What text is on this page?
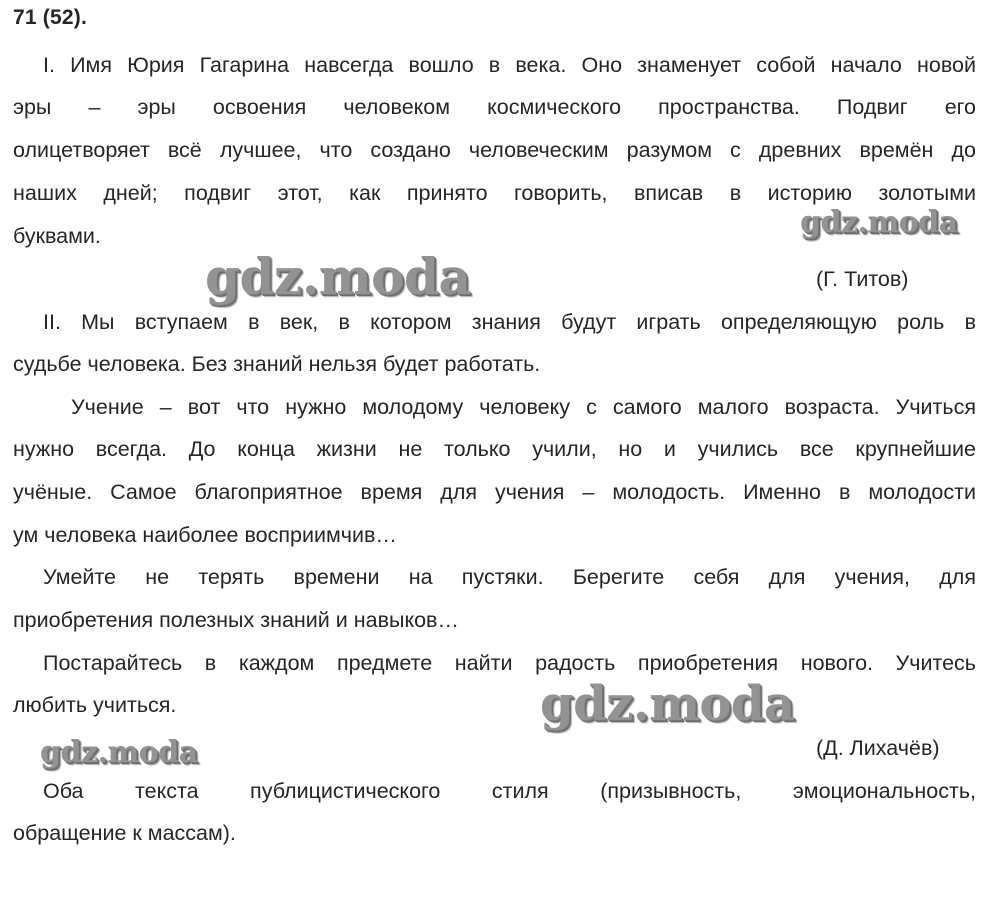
71 (52).
I. Имя Юрия Гагарина навсегда вошло в века. Оно знаменует собой начало новой
эры – эры освоения человеком космического пространства. Подвиг его
олицетворяет всё лучшее, что создано человеческим разумом с древних времён до
наших дней; подвиг этот, как принято говорить, вписав в историю золотыми
буквами.
(Г. Титов)
II. Мы вступаем в век, в котором знания будут играть определяющую роль в
судьбе человека. Без знаний нельзя будет работать.
Учение – вот что нужно молодому человеку с самого малого возраста. Учиться
нужно всегда. До конца жизни не только учили, но и учились все крупнейшие
учёные. Самое благоприятное время для учения – молодость. Именно в молодости
ум человека наиболее восприимчив…
Умейте не терять времени на пустяки. Берегите себя для учения, для
приобретения полезных знаний и навыков…
Постарайтесь в каждом предмете найти радость приобретения нового. Учитесь
любить учиться.
(Д. Лихачёв)
Оба текста публицистического стиля (призывность, эмоциональность,
обращение к массам).
gdz.moda
gdz.moda
gdz.moda
gdz.moda
